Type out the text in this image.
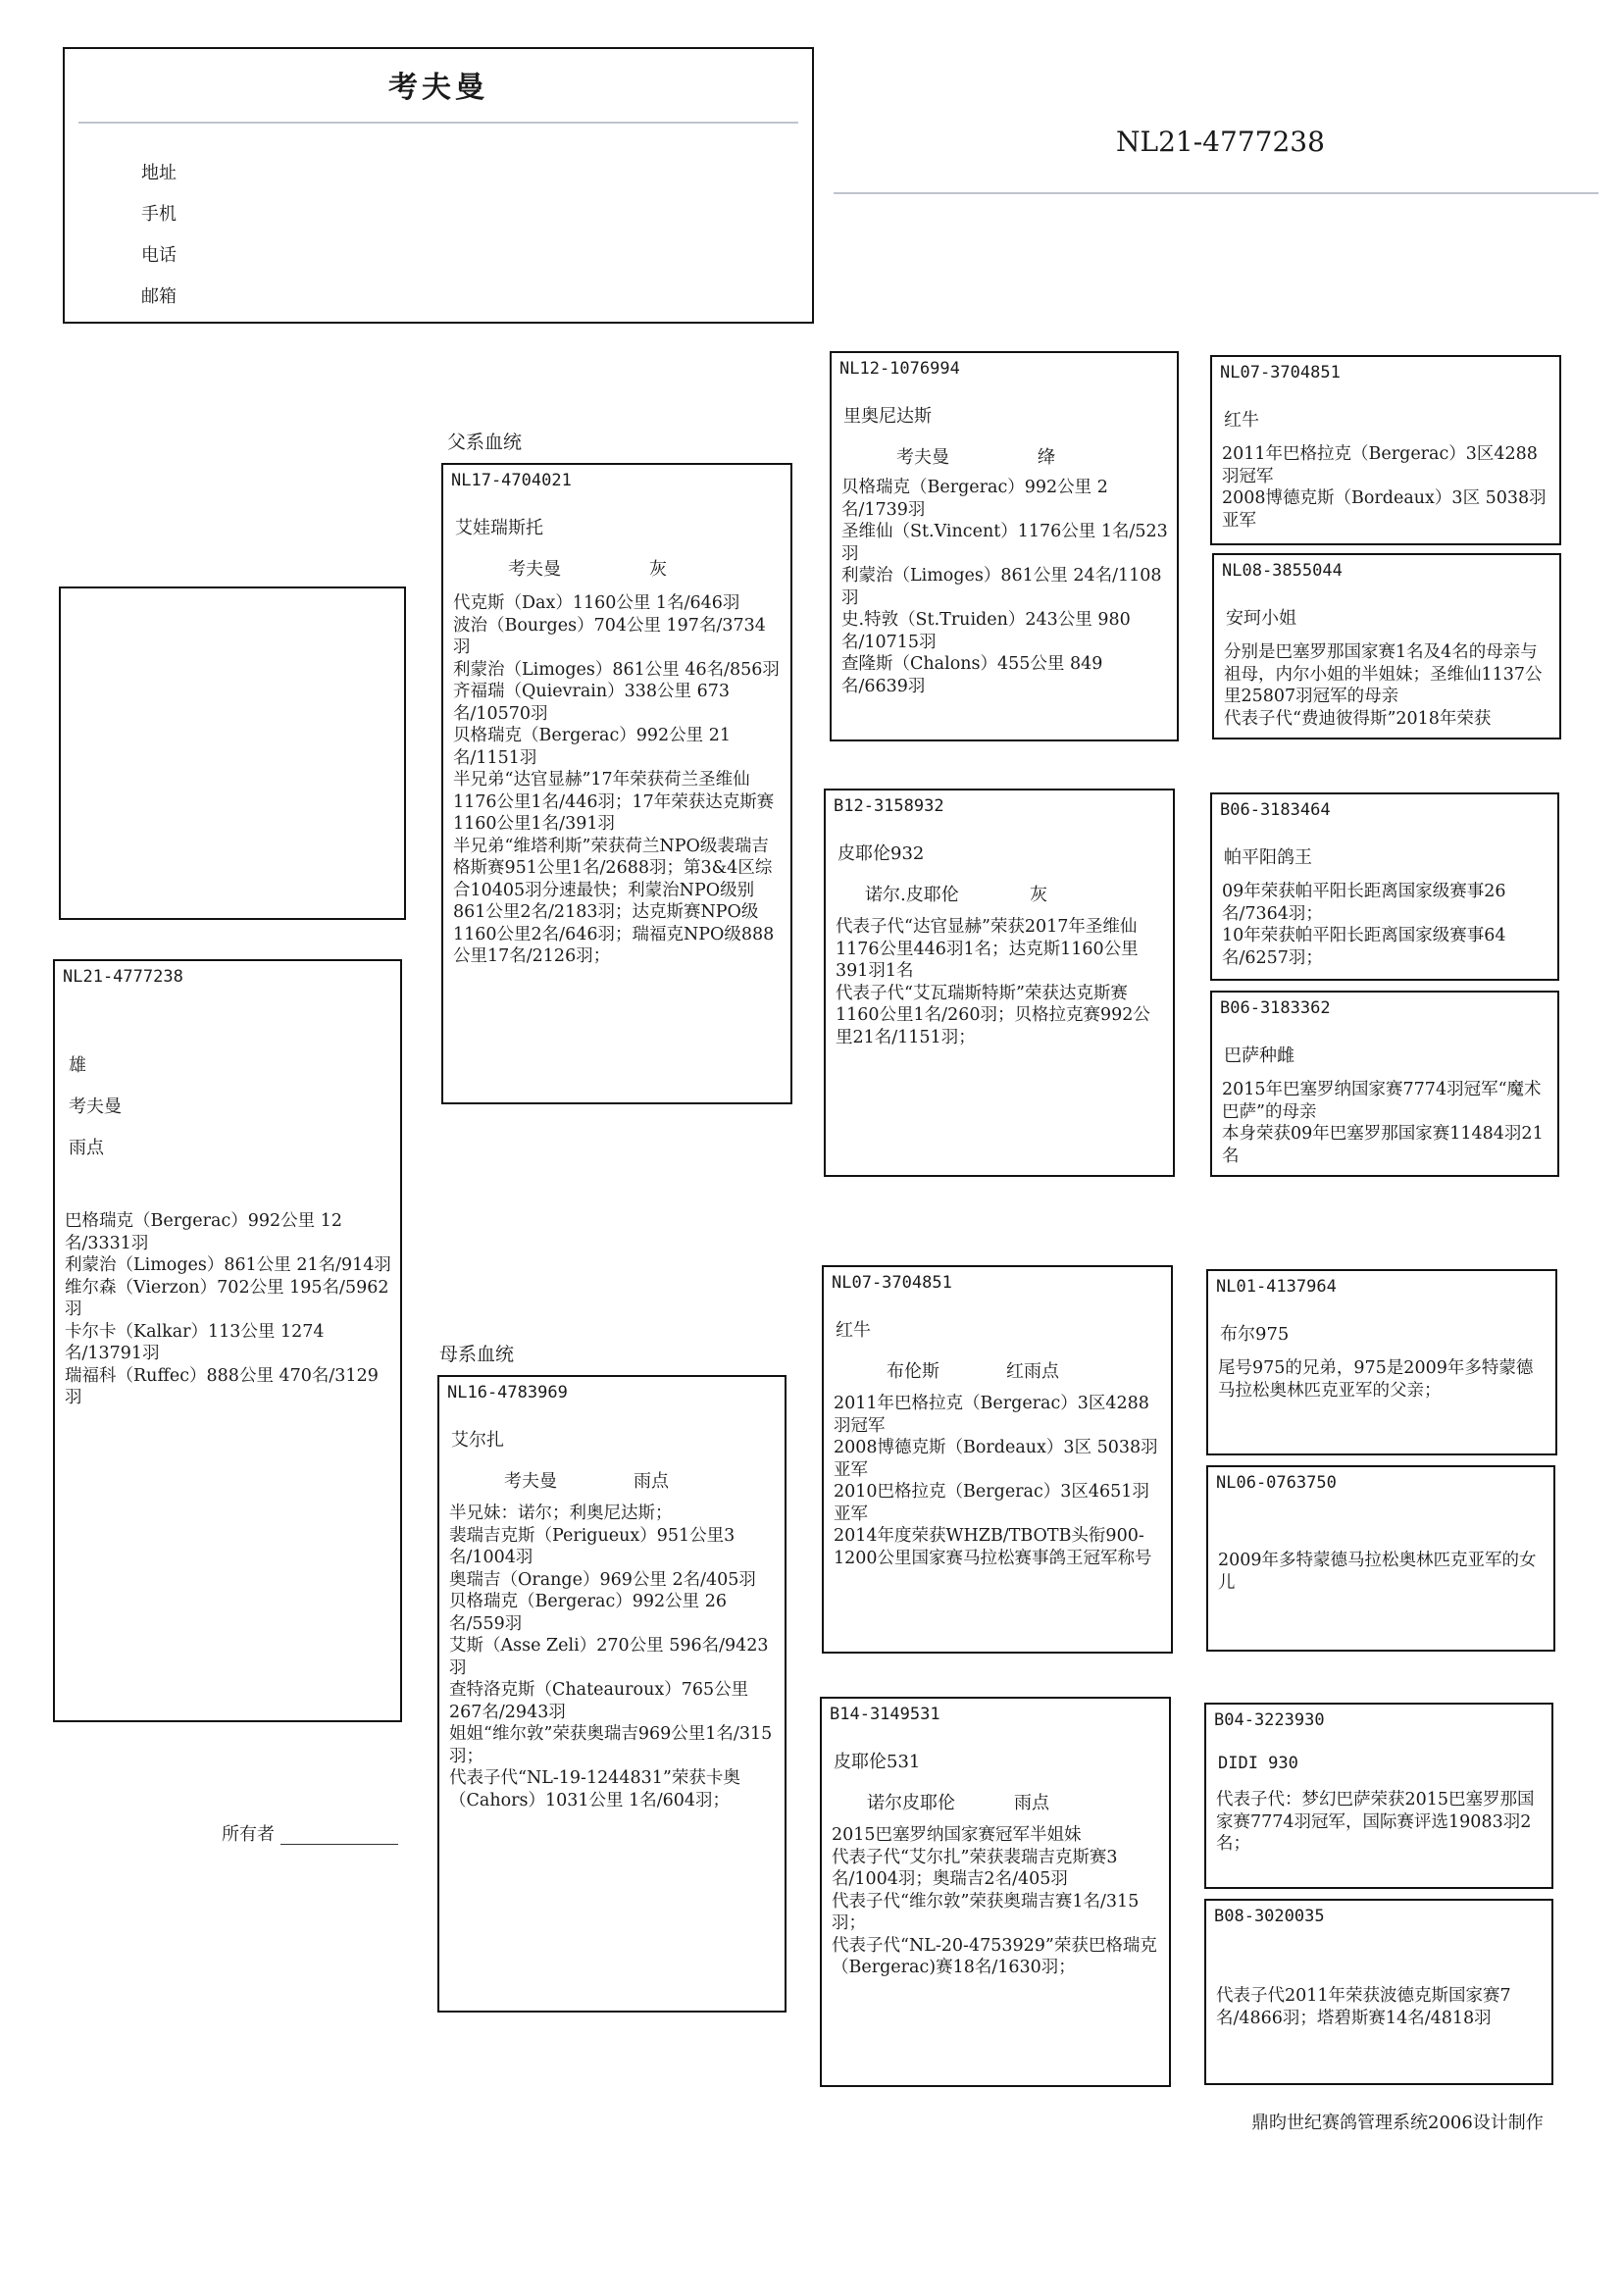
考夫曼
地址
手机
电话
邮箱
NL21-4777238
NL21-4777238
雄
考夫曼
雨点
巴格瑞克（Bergerac）992公里 12名/3331羽
利蒙治（Limoges）861公里 21名/914羽
维尔森（Vierzon）702公里 195名/5962羽
卡尔卡（Kalkar）113公里 1274名/13791羽
瑞福科（Ruffec）888公里 470名/3129羽
所有者
父系血统
NL17-4704021
艾娃瑞斯托
考夫曼	灰
代克斯（Dax）1160公里 1名/646羽
波治（Bourges）704公里 197名/3734羽
利蒙治（Limoges）861公里 46名/856羽
齐福瑞（Quievrain）338公里 673名/10570羽
贝格瑞克（Bergerac）992公里 21名/1151羽
半兄弟“达官显赫”17年荣获荷兰圣维仙1176公里1名/446羽；17年荣获达克斯赛1160公里1名/391羽
半兄弟“维塔利斯”荣获荷兰NPO级裴瑞吉格斯赛951公里1名/2688羽；第3&4区综合10405羽分速最快；利蒙治NPO级别861公里2名/2183羽；达克斯赛NPO级1160公里2名/646羽；瑞福克NPO级888公里17名/2126羽；
母系血统
NL16-4783969
艾尔扎
考夫曼	雨点
半兄妹：诺尔；利奥尼达斯；
裴瑞吉克斯（Perigueux）951公里3名/1004羽
奥瑞吉（Orange）969公里 2名/405羽
贝格瑞克（Bergerac）992公里 26名/559羽
艾斯（Asse Zeli）270公里 596名/9423羽
查特洛克斯（Chateauroux）765公里 267名/2943羽
姐姐“维尔敦”荣获奥瑞吉969公里1名/315羽；
代表子代“NL-19-1244831”荣获卡奥（Cahors）1031公里 1名/604羽；
NL12-1076994
里奥尼达斯
考夫曼	绛
贝格瑞克（Bergerac）992公里 2名/1739羽
圣维仙（St.Vincent）1176公里 1名/523羽
利蒙治（Limoges）861公里 24名/1108羽
史.特敦（St.Truiden）243公里 980名/10715羽
查隆斯（Chalons）455公里 849名/6639羽
B12-3158932
皮耶伦932
诺尔.皮耶伦	灰
代表子代“达官显赫”荣获2017年圣维仙1176公里446羽1名；达克斯1160公里391羽1名
代表子代“艾瓦瑞斯特斯”荣获达克斯赛1160公里1名/260羽；贝格拉克赛992公里21名/1151羽；
NL07-3704851
红牛
布伦斯	红雨点
2011年巴格拉克（Bergerac）3区4288羽冠军
2008博德克斯（Bordeaux）3区 5038羽 亚军
2010巴格拉克（Bergerac）3区4651羽亚军
2014年度荣获WHZB/TBOTB头衔900-1200公里国家赛马拉松赛事鸽王冠军称号
B14-3149531
皮耶伦531
诺尔皮耶伦	雨点
2015巴塞罗纳国家赛冠军半姐妹
代表子代“艾尔扎”荣获裴瑞吉克斯赛3名/1004羽；奥瑞吉2名/405羽
代表子代“维尔敦”荣获奥瑞吉赛1名/315羽；
代表子代“NL-20-4753929”荣获巴格瑞克（Bergerac)赛18名/1630羽；
NL07-3704851
红牛
2011年巴格拉克（Bergerac）3区4288羽冠军
2008博德克斯（Bordeaux）3区 5038羽 亚军
NL08-3855044
安珂小姐
分别是巴塞罗那国家赛1名及4名的母亲与祖母，内尔小姐的半姐妹；圣维仙1137公里25807羽冠军的母亲
代表子代“费迪彼得斯”2018年荣获
B06-3183464
帕平阳鸽王
09年荣获帕平阳长距离国家级赛事26名/7364羽；
10年荣获帕平阳长距离国家级赛事64名/6257羽；
B06-3183362
巴萨种雌
2015年巴塞罗纳国家赛7774羽冠军“魔术巴萨”的母亲
本身荣获09年巴塞罗那国家赛11484羽21名
NL01-4137964
布尔975
尾号975的兄弟，975是2009年多特蒙德马拉松奥林匹克亚军的父亲；
NL06-0763750
2009年多特蒙德马拉松奥林匹克亚军的女儿
B04-3223930
DIDI 930
代表子代：梦幻巴萨荣获2015巴塞罗那国家赛7774羽冠军，国际赛评选19083羽2名；
B08-3020035
代表子代2011年荣获波德克斯国家赛7名/4866羽；塔碧斯赛14名/4818羽
鼎昀世纪赛鸽管理系统2006设计制作
